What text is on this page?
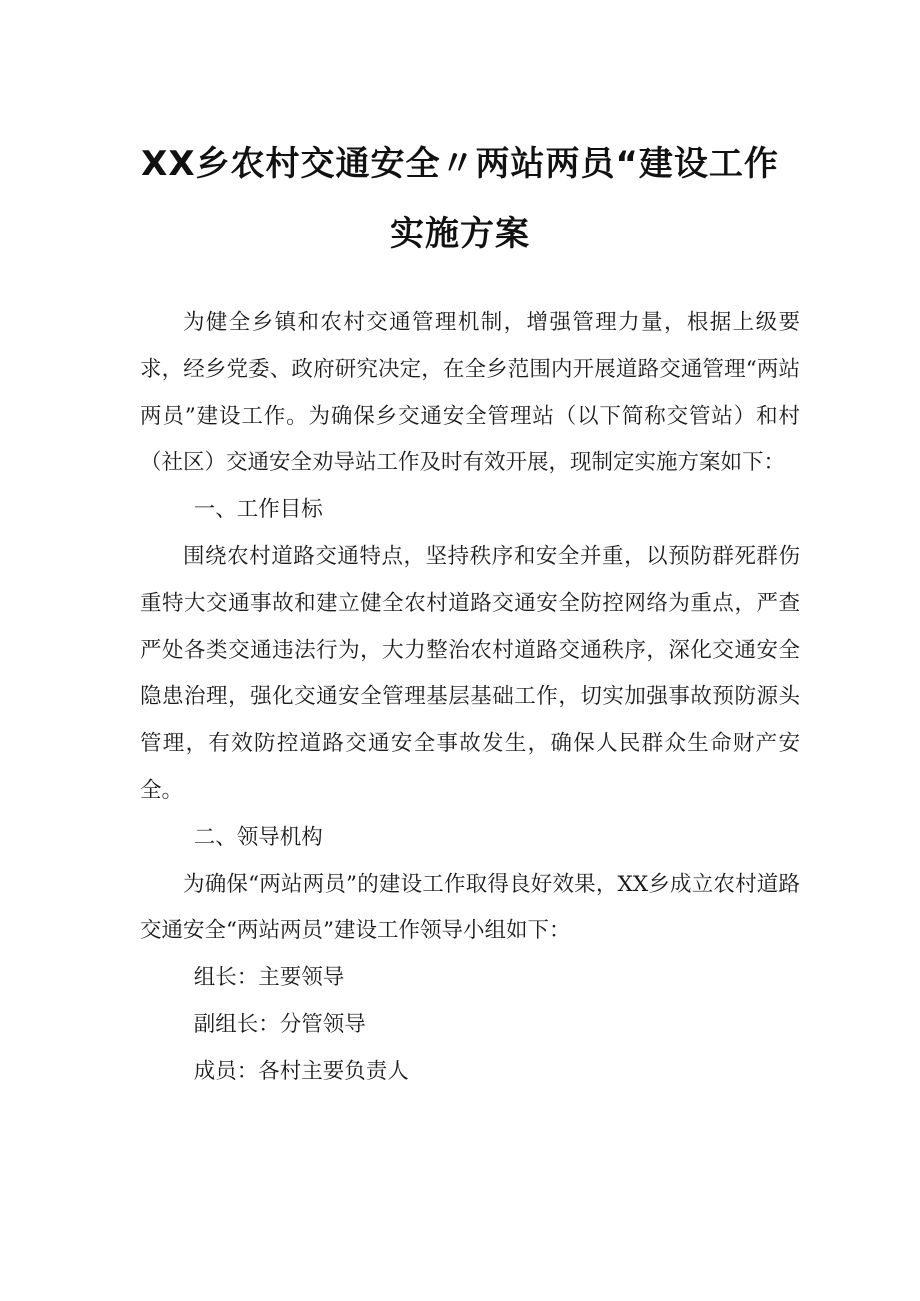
XX乡农村交通安全〃两站两员“建设工作
实施方案

为健全乡镇和农村交通管理机制，增强管理力量，根据上级要求，经乡党委、政府研究决定，在全乡范围内开展道路交通管理“两站两员”建设工作。为确保乡交通安全管理站（以下简称交管站）和村（社区）交通安全劝导站工作及时有效开展，现制定实施方案如下：

一、工作目标

围绕农村道路交通特点，坚持秩序和安全并重，以预防群死群伤重特大交通事故和建立健全农村道路交通安全防控网络为重点，严查严处各类交通违法行为，大力整治农村道路交通秩序，深化交通安全隐患治理，强化交通安全管理基层基础工作，切实加强事故预防源头管理，有效防控道路交通安全事故发生，确保人民群众生命财产安全。

二、领导机构

为确保“两站两员”的建设工作取得良好效果，XX乡成立农村道路交通安全“两站两员”建设工作领导小组如下：

组长：主要领导

副组长：分管领导

成员：各村主要负责人
